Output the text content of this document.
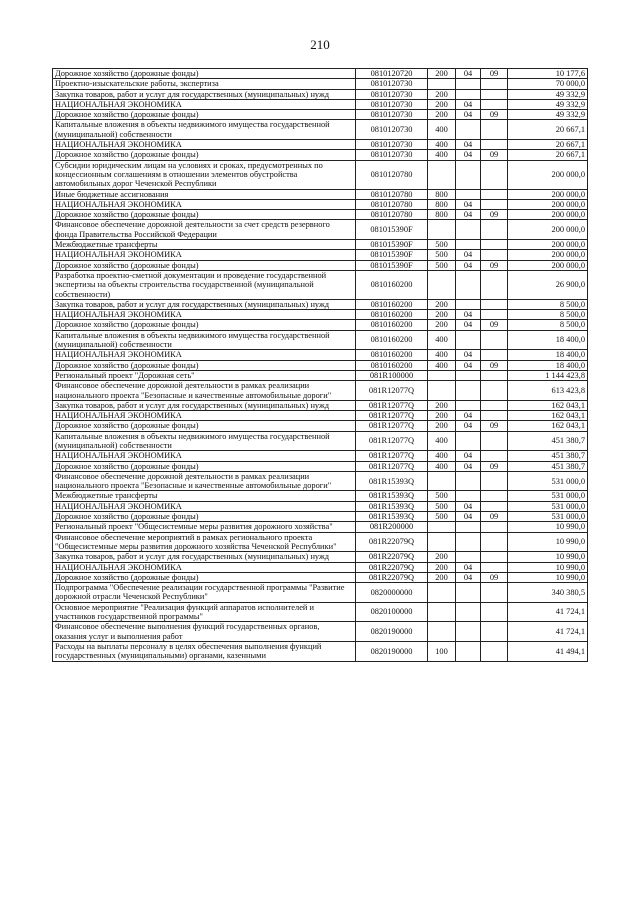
210
Дорожное хозяйство (дорожные фонды)	0810120720	200	04	09	10 177,6
Проектно-изыскательские работы, экспертиза	0810120730				70 000,0
Закупка товаров, работ и услуг для государственных (муниципальных) нужд	0810120730	200			49 332,9
НАЦИОНАЛЬНАЯ ЭКОНОМИКА	0810120730	200	04		49 332,9
Дорожное хозяйство (дорожные фонды)	0810120730	200	04	09	49 332,9
Капитальные вложения в объекты недвижимого имущества государственной (муниципальной) собственности	0810120730	400			20 667,1
НАЦИОНАЛЬНАЯ ЭКОНОМИКА	0810120730	400	04		20 667,1
Дорожное хозяйство (дорожные фонды)	0810120730	400	04	09	20 667,1
Субсидии юридическим лицам на условиях и сроках, предусмотренных по концессионным соглашениям в отношении элементов обустройства автомобильных дорог Чеченской Республики	0810120780				200 000,0
Иные бюджетные ассигнования	0810120780	800			200 000,0
НАЦИОНАЛЬНАЯ ЭКОНОМИКА	0810120780	800	04		200 000,0
Дорожное хозяйство (дорожные фонды)	0810120780	800	04	09	200 000,0
Финансовое обеспечение дорожной деятельности за счет средств резервного фонда Правительства Российской Федерации	081015390F				200 000,0
Межбюджетные трансферты	081015390F	500			200 000,0
НАЦИОНАЛЬНАЯ ЭКОНОМИКА	081015390F	500	04		200 000,0
Дорожное хозяйство (дорожные фонды)	081015390F	500	04	09	200 000,0
Разработка проектно-сметной документации и проведение государственной экспертизы на объекты строительства государственной (муниципальной собственности)	0810160200				26 900,0
Закупка товаров, работ и услуг для государственных (муниципальных) нужд	0810160200	200			8 500,0
НАЦИОНАЛЬНАЯ ЭКОНОМИКА	0810160200	200	04		8 500,0
Дорожное хозяйство (дорожные фонды)	0810160200	200	04	09	8 500,0
Капитальные вложения в объекты недвижимого имущества государственной (муниципальной) собственности	0810160200	400			18 400,0
НАЦИОНАЛЬНАЯ ЭКОНОМИКА	0810160200	400	04		18 400,0
Дорожное хозяйство (дорожные фонды)	0810160200	400	04	09	18 400,0
Региональный проект "Дорожная сеть"	081R100000				1 144 423,8
Финансовое обеспечение дорожной деятельности в рамках реализации национального проекта "Безопасные и качественные автомобильные дороги"	081R12077Q				613 423,8
Закупка товаров, работ и услуг для государственных (муниципальных) нужд	081R12077Q	200			162 043,1
НАЦИОНАЛЬНАЯ ЭКОНОМИКА	081R12077Q	200	04		162 043,1
Дорожное хозяйство (дорожные фонды)	081R12077Q	200	04	09	162 043,1
Капитальные вложения в объекты недвижимого имущества государственной (муниципальной) собственности	081R12077Q	400			451 380,7
НАЦИОНАЛЬНАЯ ЭКОНОМИКА	081R12077Q	400	04		451 380,7
Дорожное хозяйство (дорожные фонды)	081R12077Q	400	04	09	451 380,7
Финансовое обеспечение дорожной деятельности в рамках реализации национального проекта "Безопасные и качественные автомобильные дороги"	081R15393Q				531 000,0
Межбюджетные трансферты	081R15393Q	500			531 000,0
НАЦИОНАЛЬНАЯ ЭКОНОМИКА	081R15393Q	500	04		531 000,0
Дорожное хозяйство (дорожные фонды)	081R15393Q	500	04	09	531 000,0
Региональный проект "Общесистемные меры развития дорожного хозяйства"	081R200000				10 990,0
Финансовое обеспечение мероприятий в рамках регионального проекта "Общесистемные меры развития дорожного хозяйства Чеченской Республики"	081R22079Q				10 990,0
Закупка товаров, работ и услуг для государственных (муниципальных) нужд	081R22079Q	200			10 990,0
НАЦИОНАЛЬНАЯ ЭКОНОМИКА	081R22079Q	200	04		10 990,0
Дорожное хозяйство (дорожные фонды)	081R22079Q	200	04	09	10 990,0
Подпрограмма "Обеспечение реализации государственной программы "Развитие дорожной отрасли Чеченской Республики"	0820000000				340 380,5
Основное мероприятие "Реализация функций аппаратов исполнителей и участников государственной программы"	0820100000				41 724,1
Финансовое обеспечение выполнения функций государственных органов, оказания услуг и выполнения работ	0820190000				41 724,1
Расходы на выплаты персоналу в целях обеспечения выполнения функций государственных (муниципальными) органами, казенными	0820190000	100			41 494,1
